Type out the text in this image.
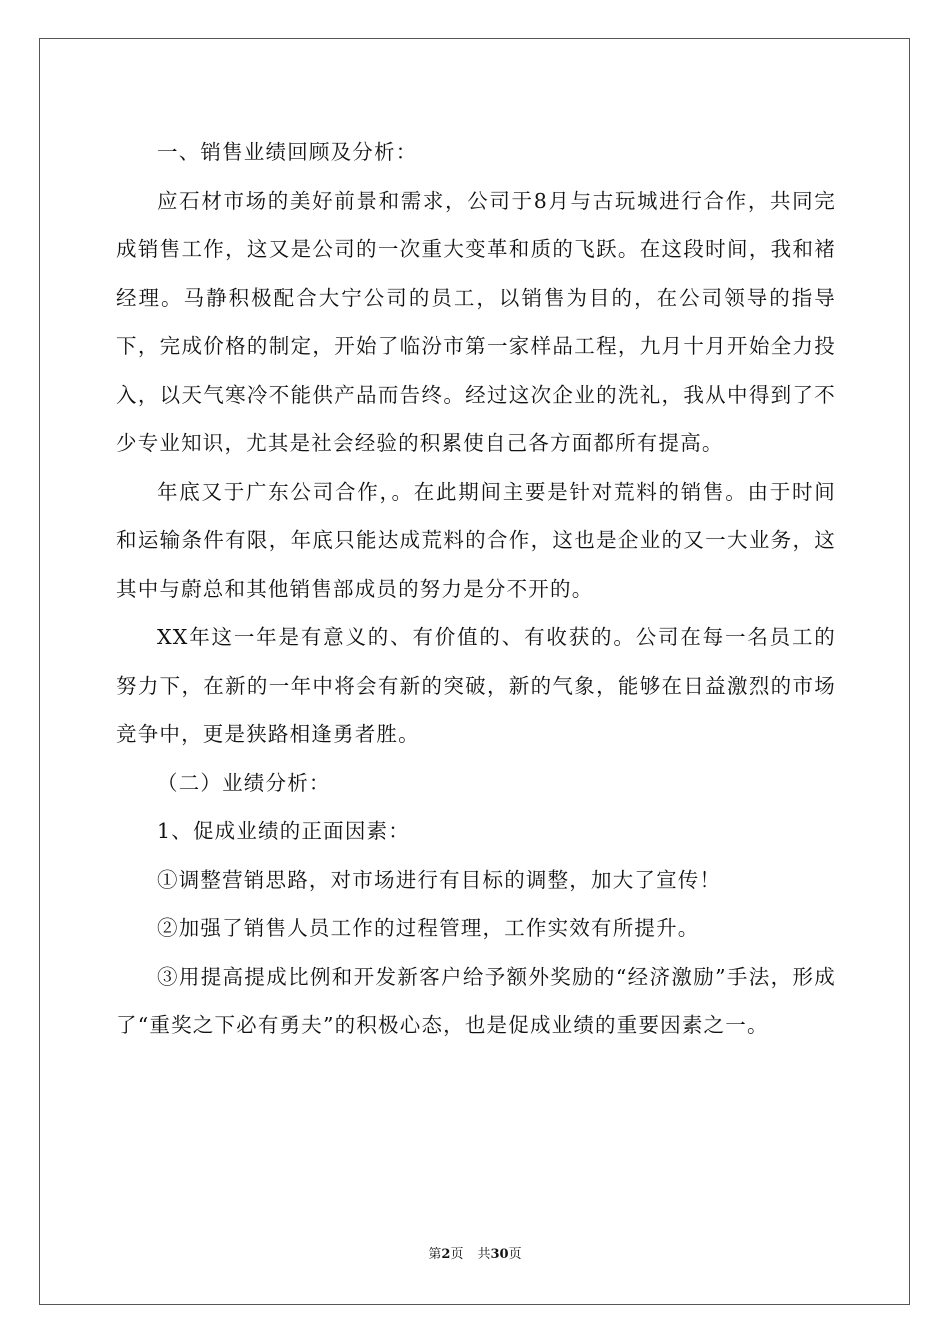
一、销售业绩回顾及分析：

应石材市场的美好前景和需求，公司于8月与古玩城进行合作，共同完成销售工作，这又是公司的一次重大变革和质的飞跃。在这段时间，我和褚经理。马静积极配合大宁公司的员工，以销售为目的，在公司领导的指导下，完成价格的制定，开始了临汾市第一家样品工程，九月十月开始全力投入，以天气寒冷不能供产品而告终。经过这次企业的洗礼，我从中得到了不少专业知识，尤其是社会经验的积累使自己各方面都所有提高。

年底又于广东公司合作，。在此期间主要是针对荒料的销售。由于时间和运输条件有限，年底只能达成荒料的合作，这也是企业的又一大业务，这其中与蔚总和其他销售部成员的努力是分不开的。

XX年这一年是有意义的、有价值的、有收获的。公司在每一名员工的努力下，在新的一年中将会有新的突破，新的气象，能够在日益激烈的市场竞争中，更是狭路相逢勇者胜。

（二）业绩分析：

1、促成业绩的正面因素：

①调整营销思路，对市场进行有目标的调整，加大了宣传！

②加强了销售人员工作的过程管理，工作实效有所提升。

③用提高提成比例和开发新客户给予额外奖励的“经济激励”手法，形成了“重奖之下必有勇夫”的积极心态，也是促成业绩的重要因素之一。

第2页 共30页
